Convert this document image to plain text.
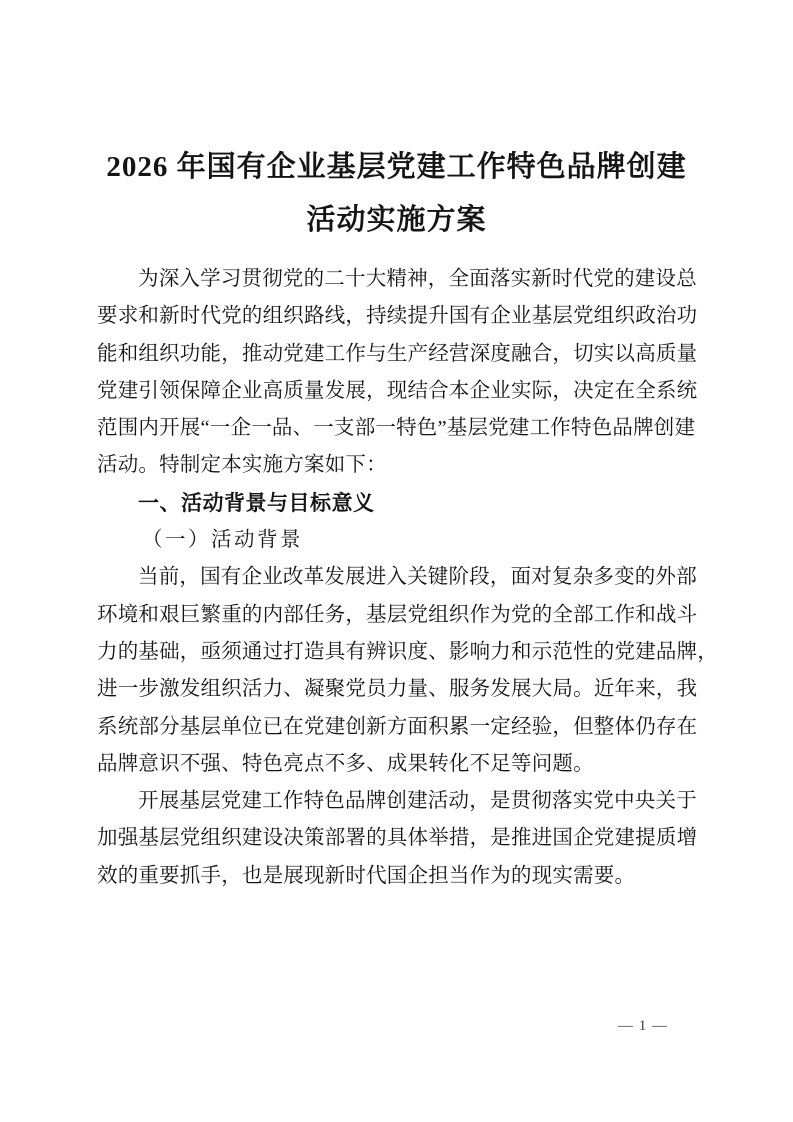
2026 年国有企业基层党建工作特色品牌创建
活动实施方案
为深入学习贯彻党的二十大精神，全面落实新时代党的建设总
要求和新时代党的组织路线，持续提升国有企业基层党组织政治功
能和组织功能，推动党建工作与生产经营深度融合，切实以高质量
党建引领保障企业高质量发展，现结合本企业实际，决定在全系统
范围内开展“一企一品、一支部一特色”基层党建工作特色品牌创建
活动。特制定本实施方案如下：
一、活动背景与目标意义
（一）活动背景
当前，国有企业改革发展进入关键阶段，面对复杂多变的外部
环境和艰巨繁重的内部任务，基层党组织作为党的全部工作和战斗
力的基础，亟须通过打造具有辨识度、影响力和示范性的党建品牌，
进一步激发组织活力、凝聚党员力量、服务发展大局。近年来，我
系统部分基层单位已在党建创新方面积累一定经验，但整体仍存在
品牌意识不强、特色亮点不多、成果转化不足等问题。
开展基层党建工作特色品牌创建活动，是贯彻落实党中央关于
加强基层党组织建设决策部署的具体举措，是推进国企党建提质增
效的重要抓手，也是展现新时代国企担当作为的现实需要。
— 1 —
